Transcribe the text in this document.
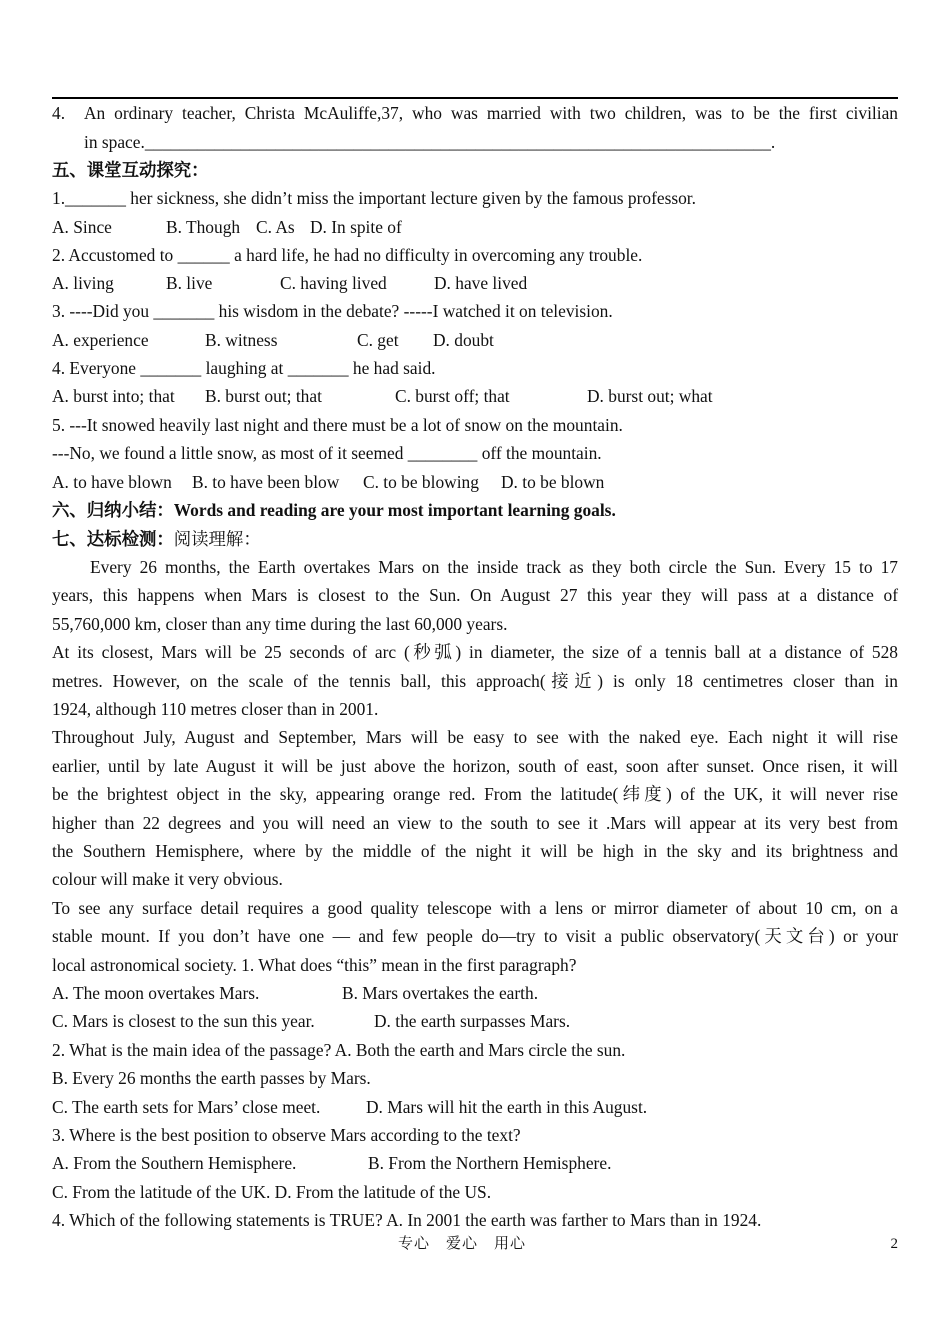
4. An ordinary teacher, Christa McAuliffe,37, who was married with two children, was to be the first civilian
in space.________________________________________________________________________.
五、课堂互动探究：
1._______ her sickness, she didn’t miss the important lecture given by the famous professor.
A. Since	B. Though C. As D. In spite of
2. Accustomed to ______ a hard life, he had no difficulty in overcoming any trouble.
A. living	B. live	C. having lived	D. have lived
3. ----Did you _______ his wisdom in the debate? -----I watched it on television.
A. experience	B. witness	C. get D. doubt
4. Everyone _______ laughing at _______ he had said.
A. burst into; that B. burst out; that	C. burst off; that	D. burst out; what
5. ---It snowed heavily last night and there must be a lot of snow on the mountain.
---No, we found a little snow, as most of it seemed ________ off the mountain.
A. to have blown B. to have been blow C. to be blowing D. to be blown
六、归纳小结：Words and reading are your most important learning goals.
七、达标检测：阅读理解：
Every 26 months, the Earth overtakes Mars on the inside track as they both circle the Sun. Every 15 to 17
years, this happens when Mars is closest to the Sun. On August 27 this year they will pass at a distance of
55,760,000 km, closer than any time during the last 60,000 years.
At its closest, Mars will be 25 seconds of arc (秒弧) in diameter, the size of a tennis ball at a distance of 528
metres. However, on the scale of the tennis ball, this approach(接近) is only 18 centimetres closer than in
1924, although 110 metres closer than in 2001.
Throughout July, August and September, Mars will be easy to see with the naked eye. Each night it will rise
earlier, until by late August it will be just above the horizon, south of east, soon after sunset. Once risen, it will
be the brightest object in the sky, appearing orange red. From the latitude(纬度) of the UK, it will never rise
higher than 22 degrees and you will need an view to the south to see it .Mars will appear at its very best from
the Southern Hemisphere, where by the middle of the night it will be high in the sky and its brightness and
colour will make it very obvious.
To see any surface detail requires a good quality telescope with a lens or mirror diameter of about 10 cm, on a
stable mount. If you don’t have one — and few people do—try to visit a public observatory(天文台) or your
local astronomical society. 1. What does “this” mean in the first paragraph?
A. The moon overtakes Mars.	B. Mars overtakes the earth.
C. Mars is closest to the sun this year.	D. the earth surpasses Mars.
2. What is the main idea of the passage? A. Both the earth and Mars circle the sun.
B. Every 26 months the earth passes by Mars.
C. The earth sets for Mars’ close meet.	D. Mars will hit the earth in this August.
3. Where is the best position to observe Mars according to the text?
A. From the Southern Hemisphere.	B. From the Northern Hemisphere.
C. From the latitude of the UK. D. From the latitude of the US.
4. Which of the following statements is TRUE? A. In 2001 the earth was farther to Mars than in 1924.
专心　爱心　用心	2
